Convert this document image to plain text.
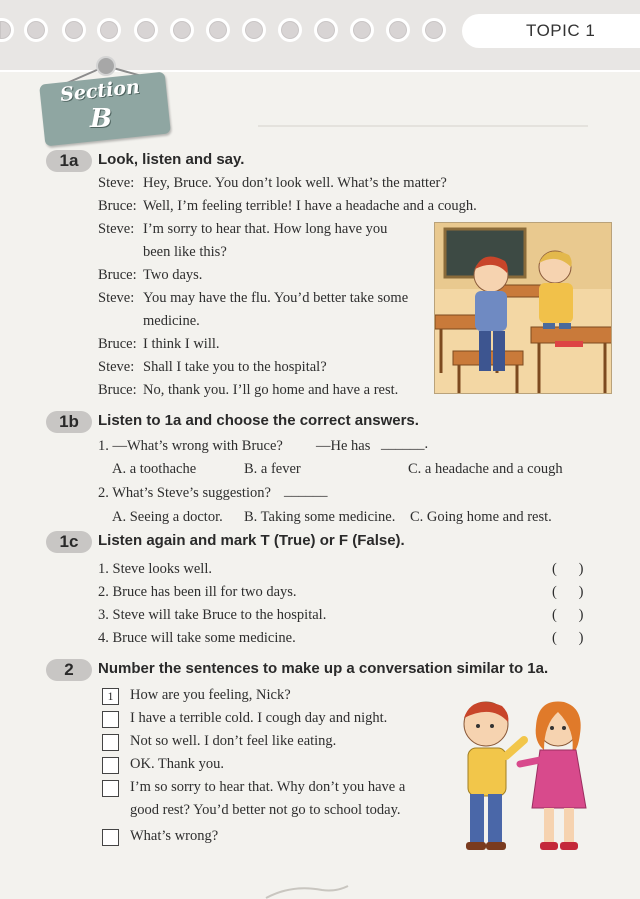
TOPIC 1
Section
B
1a	Look, listen and say.
Steve: Hey, Bruce. You don’t look well. What’s the matter?
Bruce: Well, I’m feeling terrible! I have a headache and a cough.
Steve: I’m sorry to hear that. How long have you
been like this?
Bruce: Two days.
Steve: You may have the flu. You’d better take some
medicine.
Bruce: I think I will.
Steve: Shall I take you to the hospital?
Bruce: No, thank you. I’ll go home and have a rest.
1b	Listen to 1a and choose the correct answers.
1. —What’s wrong with Bruce? —He has ______.
A. a toothache	B. a fever	C. a headache and a cough
2. What’s Steve’s suggestion? ______
A. Seeing a doctor. B. Taking some medicine. C. Going home and rest.
1c	Listen again and mark T (True) or F (False).
1. Steve looks well.	(      )
2. Bruce has been ill for two days.	(      )
3. Steve will take Bruce to the hospital.	(      )
4. Bruce will take some medicine.	(      )
2	Number the sentences to make up a conversation similar to 1a.
1	How are you feeling, Nick?
I have a terrible cold. I cough day and night.
Not so well. I don’t feel like eating.
OK. Thank you.
I’m so sorry to hear that. Why don’t you have a
good rest? You’d better not go to school today.
What’s wrong?
